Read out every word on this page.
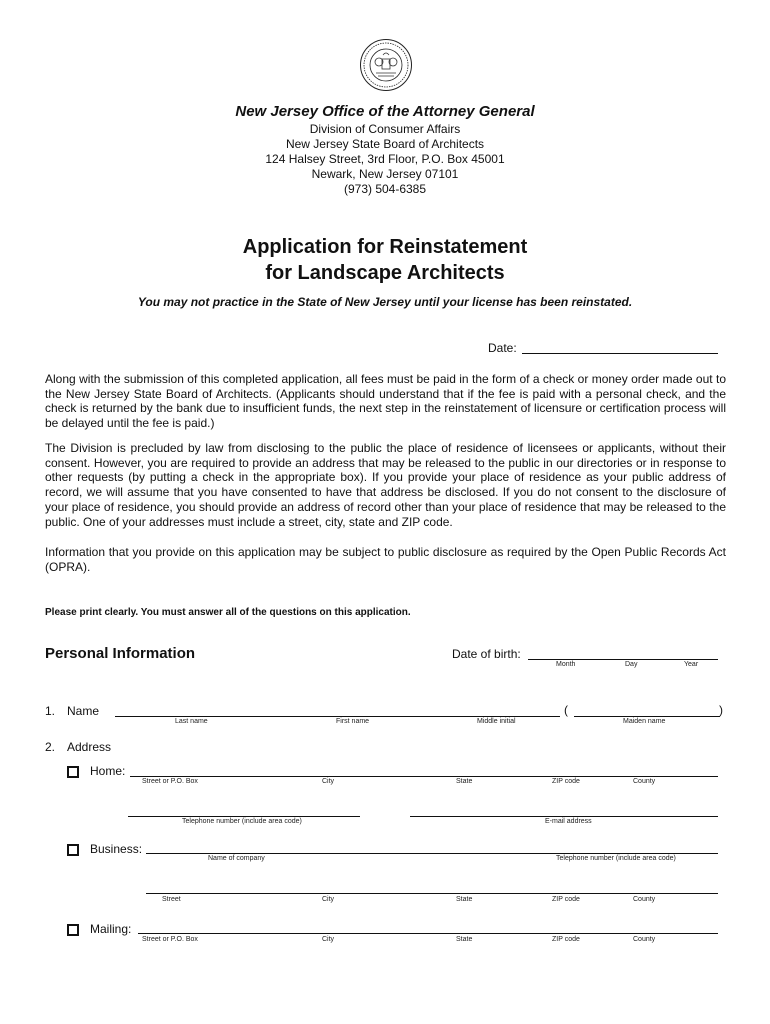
New Jersey Office of the Attorney General
Division of Consumer Affairs
New Jersey State Board of Architects
124 Halsey Street, 3rd Floor, P.O. Box 45001
Newark, New Jersey 07101
(973) 504-6385
Application for Reinstatement
for Landscape Architects
You may not practice in the State of New Jersey until your license has been reinstated.
Date:
Along with the submission of this completed application, all fees must be paid in the form of a check or money order made out to the New Jersey State Board of Architects. (Applicants should understand that if the fee is paid with a personal check, and the check is returned by the bank due to insufficient funds, the next step in the reinstatement of licensure or certification process will be delayed until the fee is paid.)
The Division is precluded by law from disclosing to the public the place of residence of licensees or applicants, without their consent. However, you are required to provide an address that may be released to the public in our directories or in response to other requests (by putting a check in the appropriate box). If you provide your place of residence as your public address of record, we will assume that you have consented to have that address be disclosed. If you do not consent to the disclosure of your place of residence, you should provide an address of record other than your place of residence that may be released to the public. One of your addresses must include a street, city, state and ZIP code.
Information that you provide on this application may be subject to public disclosure as required by the Open Public Records Act (OPRA).
Please print clearly. You must answer all of the questions on this application.
Personal Information	Date of birth:
Month	Day	Year
1. Name	(	)
Last name	First name	Middle initial	Maiden name
2. Address
Home:
Street or P.O. Box	City	State	ZIP code	County
Telephone number (include area code)	E-mail address
Business:
Name of company	Telephone number (include area code)
Street	City	State	ZIP code	County
Mailing:
Street or P.O. Box	City	State	ZIP code	County
